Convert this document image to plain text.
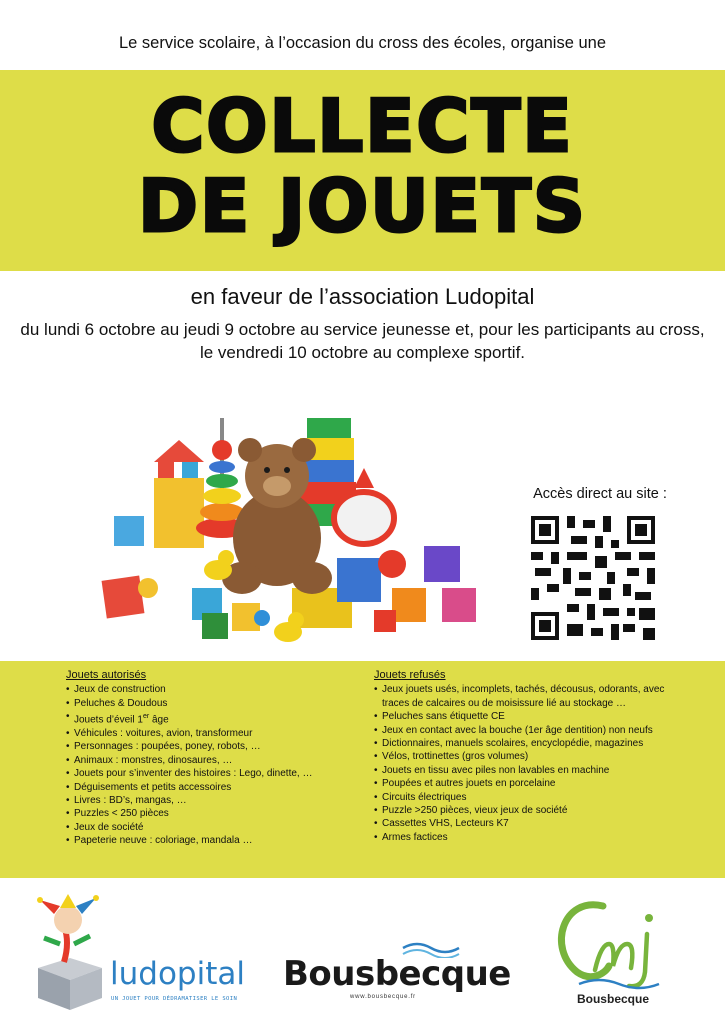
Le service scolaire, à l’occasion du cross des écoles, organise une
COLLECTE
DE JOUETS
en faveur de l’association Ludopital
du lundi 6 octobre au jeudi 9 octobre au service jeunesse et, pour les participants au cross, le vendredi 10 octobre au complexe sportif.
Accès direct au site :
Jouets autorisés
• Jeux de construction
• Peluches & Doudous
• Jouets d’éveil 1er âge
• Véhicules : voitures, avion, transformeur
• Personnages : poupées, poney, robots, …
• Animaux : monstres, dinosaures, …
• Jouets pour s’inventer des histoires : Lego, dinette, …
• Déguisements et petits accessoires
• Livres : BD’s, mangas, …
• Puzzles < 250 pièces
• Jeux de société
• Papeterie neuve : coloriage, mandala …
Jouets refusés
• Jeux jouets usés, incomplets, tachés, décousus, odorants, avec traces de calcaires ou de moisissure lié au stockage …
• Peluches sans étiquette CE
• Jeux en contact avec la bouche (1er âge dentition) non neufs
• Dictionnaires, manuels scolaires, encyclopédie, magazines
• Vélos, trottinettes (gros volumes)
• Jouets en tissu avec piles non lavables en machine
• Poupées et autres jouets en porcelaine
• Circuits électriques
• Puzzle >250 pièces, vieux jeux de société
• Cassettes VHS, Lecteurs K7
• Armes factices
ludopital
UN JOUET POUR DÉDRAMATISER LE SOIN
Bousbecque
www.bousbecque.fr	Bousbecque
